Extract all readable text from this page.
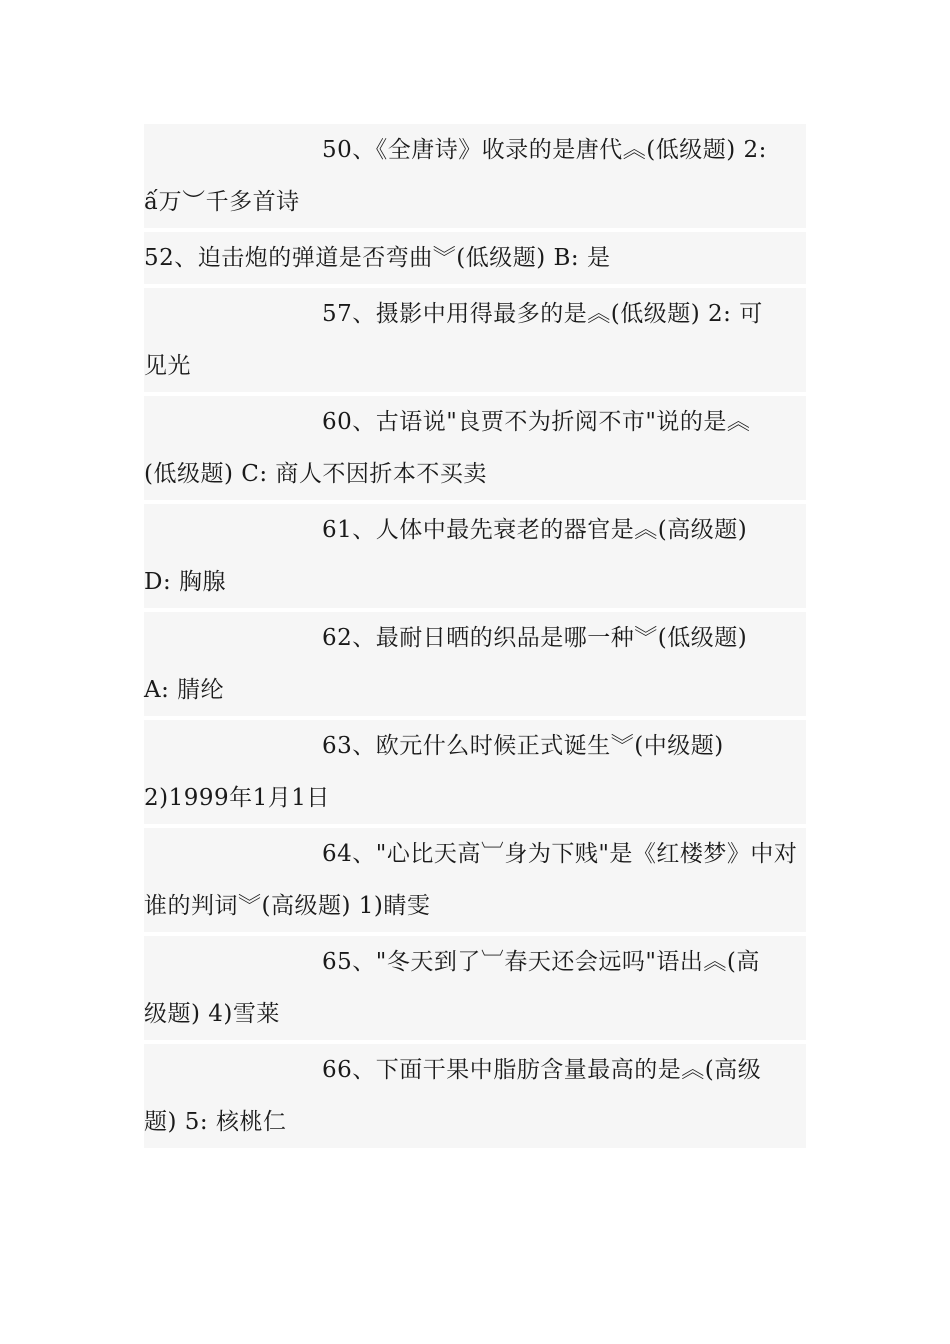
50、《全唐诗》收录的是唐代︽(低级题) 2:
ấ万︶千多首诗
52、迫击炮的弹道是否弯曲︾(低级题) B: 是
57、摄影中用得最多的是︽(低级题) 2: 可
见光
60、古语说"良贾不为折阅不市"说的是︽
(低级题) C: 商人不因折本不买卖
61、人体中最先衰老的器官是︽(高级题)
D: 胸腺
62、最耐日晒的织品是哪一种︾(低级题)
A: 腈纶
63、欧元什么时候正式诞生︾(中级题)
2)1999年1月1日
64、"心比天高︺身为下贱"是《红楼梦》中对
谁的判词︾(高级题) 1)睛雯
65、"冬天到了︺春天还会远吗"语出︽(高
级题) 4)雪莱
66、下面干果中脂肪含量最高的是︽(高级
题) 5: 核桃仁
